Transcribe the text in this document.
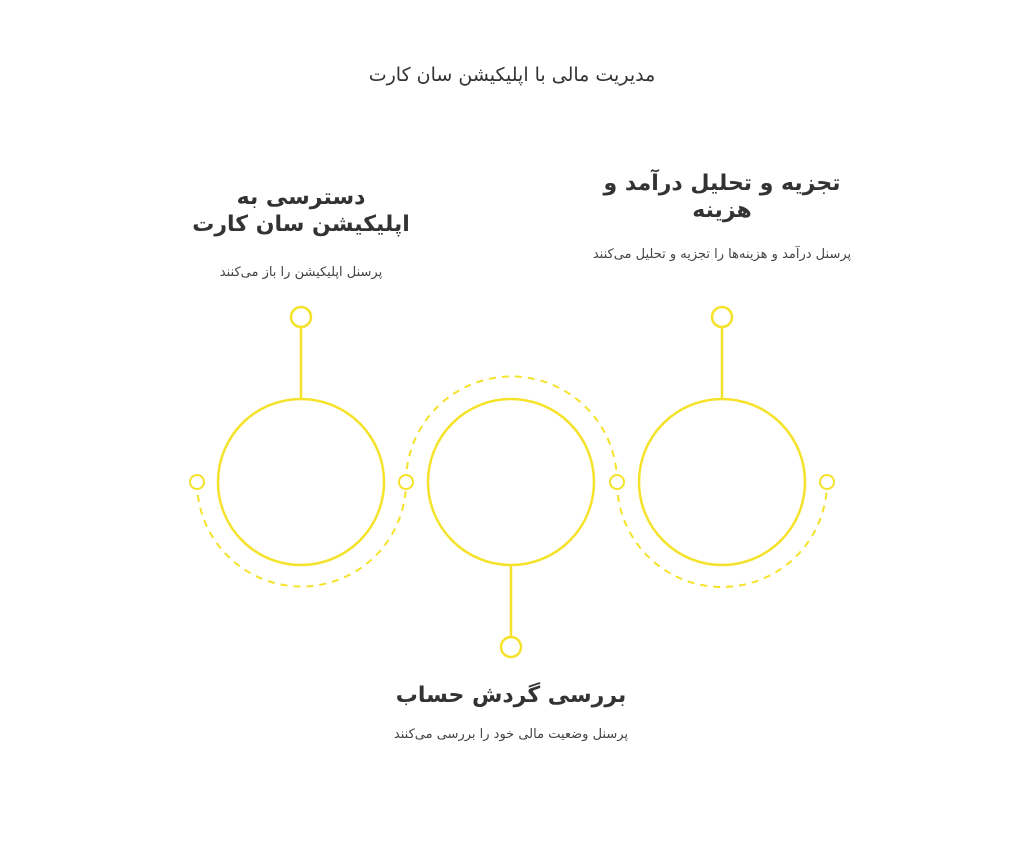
مدیریت مالی با اپلیکیشن سان کارت
دسترسی به اپلیکیشن سان کارت
پرسنل اپلیکیشن را باز می‌کنند
بررسی گردش حساب
پرسنل وضعیت مالی خود را بررسی می‌کنند
تجزیه و تحلیل درآمد و هزینه
پرسنل درآمد و هزینه‌ها را تجزیه و تحلیل می‌کنند
